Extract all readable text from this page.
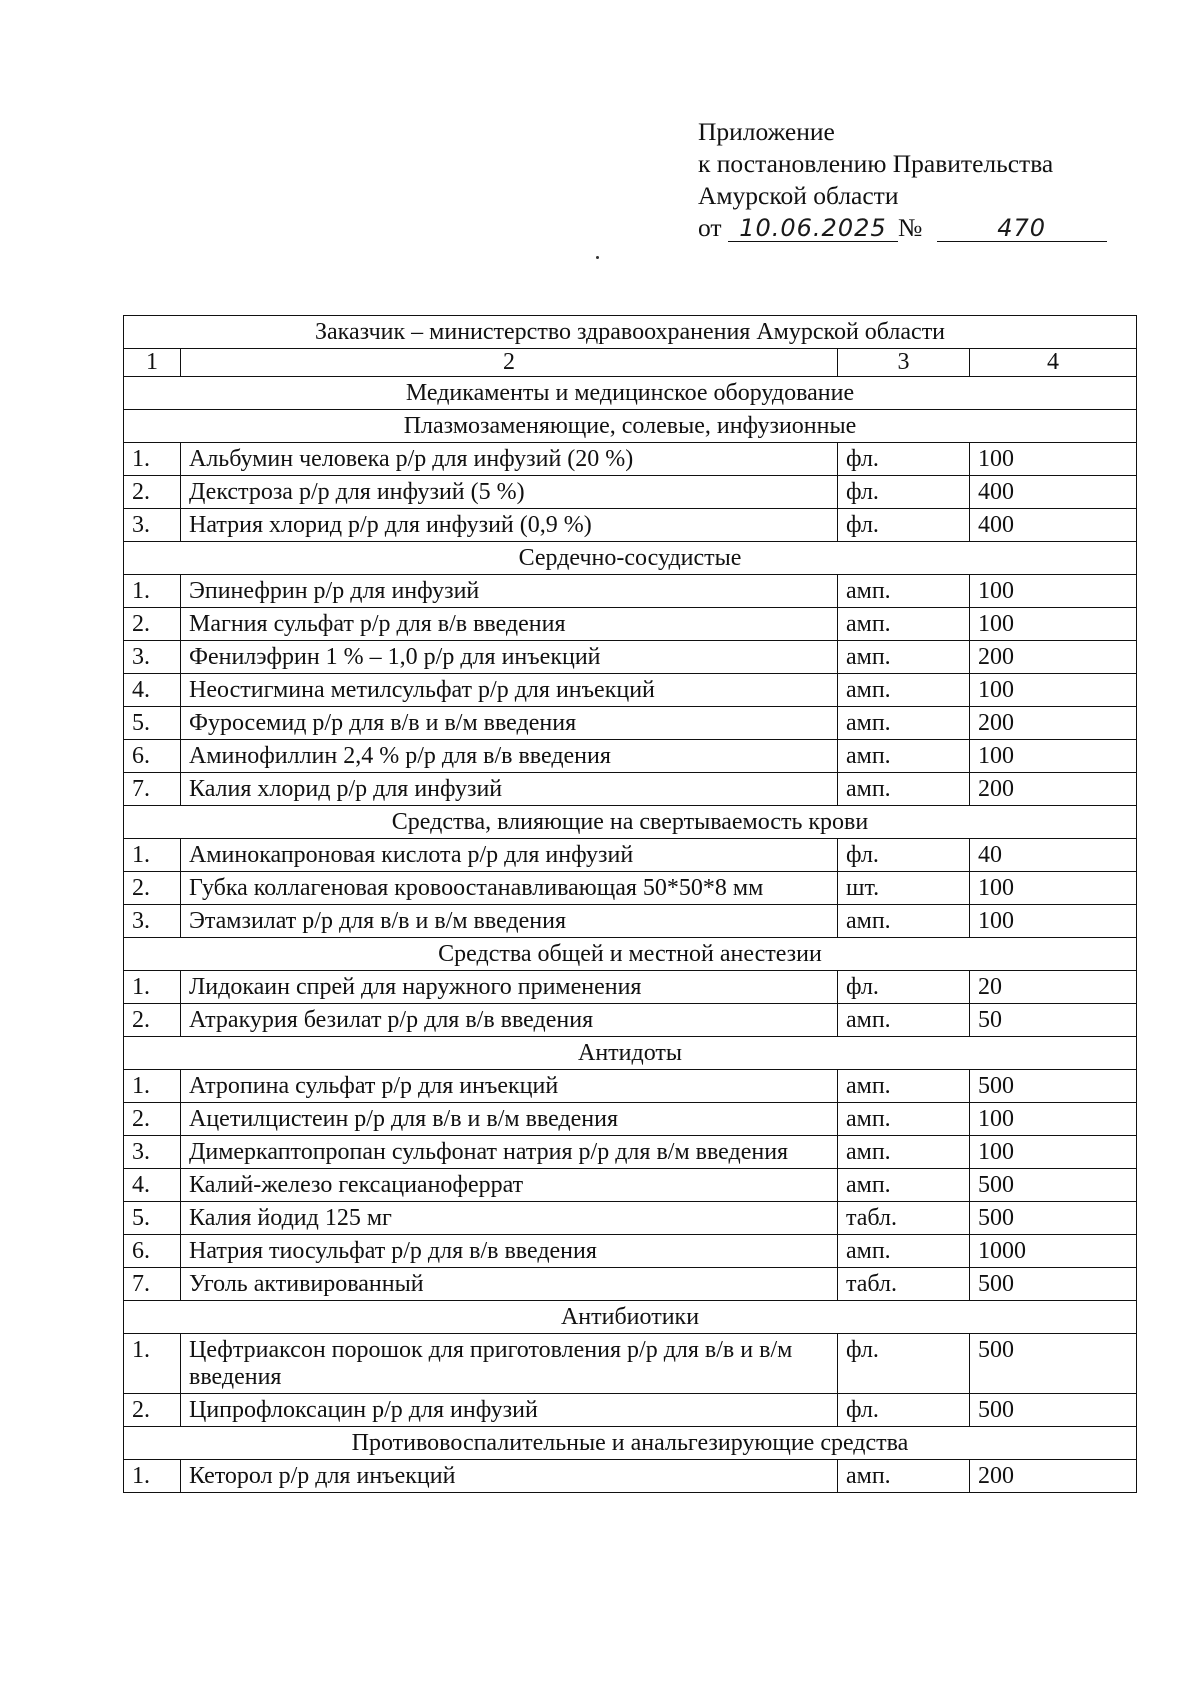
Приложение
к постановлению Правительства
Амурской области
от 10.06.2025 №	470
Заказчик – министерство здравоохранения Амурской области			
1	2	3	4
Медикаменты и медицинское оборудование			
Плазмозаменяющие, солевые, инфузионные			
1.	Альбумин человека р/р для инфузий (20 %)	фл.	100
2.	Декстроза р/р для инфузий (5 %)	фл.	400
3.	Натрия хлорид р/р для инфузий (0,9 %)	фл.	400
Сердечно-сосудистые			
1.	Эпинефрин р/р для инфузий	амп.	100
2.	Магния сульфат р/р для в/в введения	амп.	100
3.	Фенилэфрин 1 % – 1,0 р/р для инъекций	амп.	200
4.	Неостигмина метилсульфат р/р для инъекций	амп.	100
5.	Фуросемид р/р для в/в и в/м введения	амп.	200
6.	Аминофиллин 2,4 % р/р для в/в введения	амп.	100
7.	Калия хлорид р/р для инфузий	амп.	200
Средства, влияющие на свертываемость крови			
1.	Аминокапроновая кислота р/р для инфузий	фл.	40
2.	Губка коллагеновая кровоостанавливающая 50*50*8 мм	шт.	100
3.	Этамзилат р/р для в/в и в/м введения	амп.	100
Средства общей и местной анестезии			
1.	Лидокаин спрей для наружного применения	фл.	20
2.	Атракурия безилат р/р для в/в введения	амп.	50
Антидоты			
1.	Атропина сульфат р/р для инъекций	амп.	500
2.	Ацетилцистеин р/р для в/в и в/м введения	амп.	100
3.	Димеркаптопропан сульфонат натрия р/р для в/м введения	амп.	100
4.	Калий-железо гексацианоферрат	амп.	500
5.	Калия йодид 125 мг	табл.	500
6.	Натрия тиосульфат р/р для в/в введения	амп.	1000
7.	Уголь активированный	табл.	500
Антибиотики			
1.	Цефтриаксон порошок для приготовления р/р для в/в и в/м введения	фл.	500
2.	Ципрофлоксацин р/р для инфузий	фл.	500
Противовоспалительные и анальгезирующие средства			
1.	Кеторол р/р для инъекций	амп.	200
